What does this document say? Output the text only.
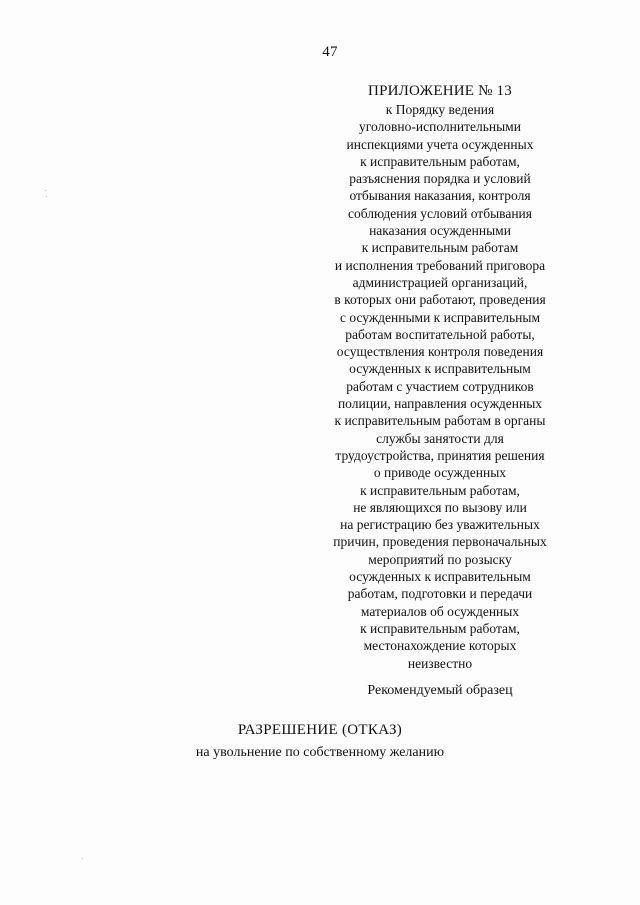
47
ПРИЛОЖЕНИЕ № 13
к Порядку ведения
уголовно-исполнительными
инспекциями учета осужденных
к исправительным работам,
разъяснения порядка и условий
отбывания наказания, контроля
соблюдения условий отбывания
наказания осужденными
к исправительным работам
и исполнения требований приговора
администрацией организаций,
в которых они работают, проведения
с осужденными к исправительным
работам воспитательной работы,
осуществления контроля поведения
осужденных к исправительным
работам с участием сотрудников
полиции, направления осужденных
к исправительным работам в органы
службы занятости для
трудоустройства, принятия решения
о приводе осужденных
к исправительным работам,
не являющихся по вызову или
на регистрацию без уважительных
причин, проведения первоначальных
мероприятий по розыску
осужденных к исправительным
работам, подготовки и передачи
материалов об осужденных
к исправительным работам,
местонахождение которых
неизвестно
Рекомендуемый образец
РАЗРЕШЕНИЕ (ОТКАЗ)
на увольнение по собственному желанию
